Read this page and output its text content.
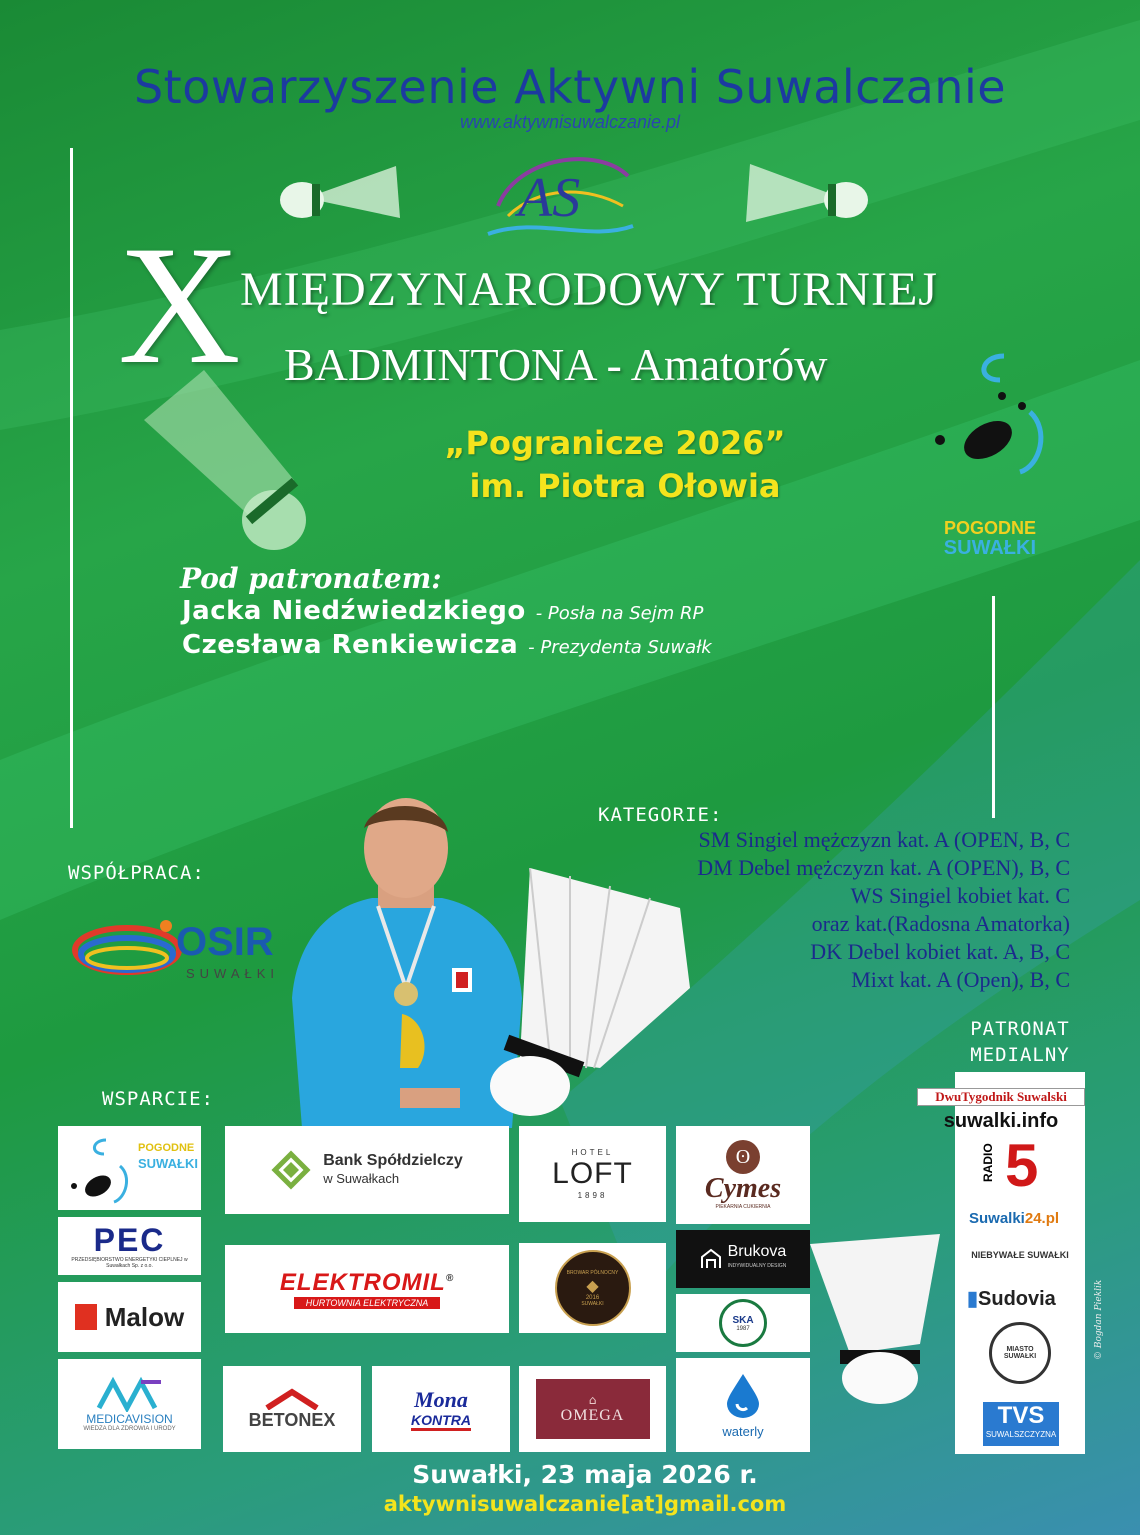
Stowarzyszenie Aktywni Suwalczanie
www.aktywnisuwalczanie.pl
AS
X MIĘDZYNARODOWY TURNIEJ
BADMINTONA - Amatorów
„Pogranicze 2026”
im. Piotra Ołowia
POGODNE
SUWAŁKI
Pod patronatem:
Jacka Niedźwiedzkiego - Posła na Sejm RP
Czesława Renkiewicza - Prezydenta Suwałk
WSPÓŁPRACA:
OSIR
SUWAŁKI
KATEGORIE:
SM Singiel mężczyzn kat. A (OPEN, B, C
DM Debel mężczyzn kat. A (OPEN), B, C
WS Singiel kobiet kat. C
oraz kat.(Radosna Amatorka)
DK Debel kobiet kat. A, B, C
Mixt kat. A (Open), B, C
PATRONAT
MEDIALNY
DwuTygodnik Suwalski
suwalki.info
RADIO 5
Suwalki24.pl
NIEBYWAŁE SUWAŁKI
▮Sudovia
MIASTO SUWAŁKI
TVS
SUWALSZCZYZNA
© Bogdan Pieklik
WSPARCIE:
POGODNE
SUWAŁKI
PEC
PRZEDSIĘBIORSTWO ENERGETYKI CIEPLNEJ w Suwałkach Sp. z o.o.
Malow
MEDICAVISION
WIEDZA DLA ZDROWIA I URODY
Bank Spółdzielczy
w Suwałkach
ELEKTROMIL®
HURTOWNIA ELEKTRYCZNA
BETONEX
Mona
KONTRA
HOTEL
LOFT
1898
BROWAR PÓŁNOCNY
◆
2016
SUWAŁKI
⌂
OMEGA
ʘ
Cymes
PIEKARNIA CUKIERNIA
Brukova
INDYWIDUALNY DESIGN
SKA
1987
waterly
Suwałki, 23 maja 2026 r.
aktywnisuwalczanie[at]gmail.com
